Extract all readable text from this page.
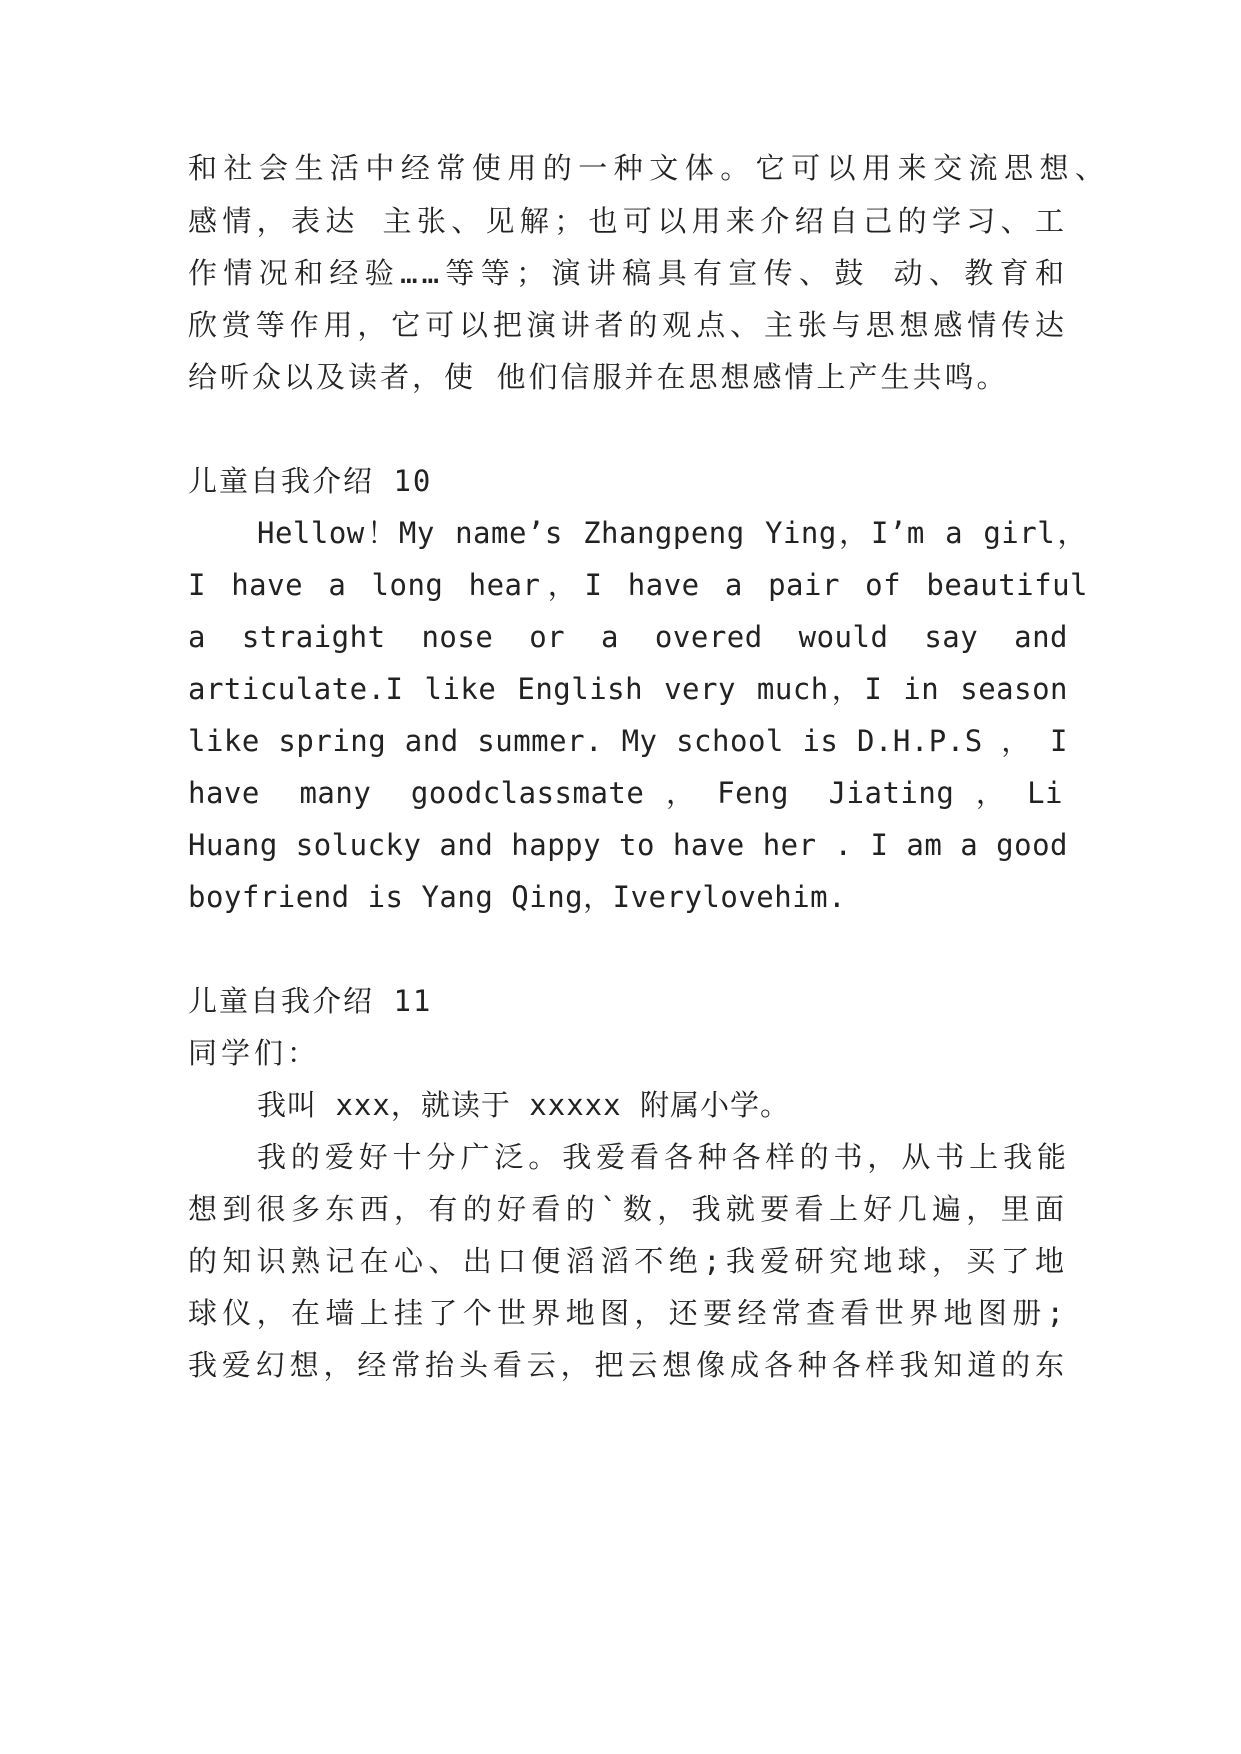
和社会生活中经常使用的一种文体。它可以用来交流思想、
感情，表达 主张、见解；也可以用来介绍自己的学习、工
作情况和经验……等等；演讲稿具有宣传、鼓 动、教育和
欣赏等作用，它可以把演讲者的观点、主张与思想感情传达
给听众以及读者，使 他们信服并在思想感情上产生共鸣。
儿童自我介绍 10
Hellow！My name’s Zhangpeng Ying，I’m a girl，
I have a long hear，I have a pair of beautiful
a straight nose or a overed would say and
articulate.I like English very much，I in season
like spring and summer. My school is D.H.P.S ， I
have many goodclassmate，Feng Jiating，Li
Huang solucky and happy to have her . I am a good
boyfriend is Yang Qing，Iverylovehim.
儿童自我介绍 11
同学们：
我叫 xxx，就读于 xxxxx 附属小学。
我的爱好十分广泛。我爱看各种各样的书，从书上我能
想到很多东西，有的好看的`数，我就要看上好几遍，里面
的知识熟记在心、出口便滔滔不绝;我爱研究地球，买了地
球仪，在墙上挂了个世界地图，还要经常查看世界地图册;
我爱幻想，经常抬头看云，把云想像成各种各样我知道的东
